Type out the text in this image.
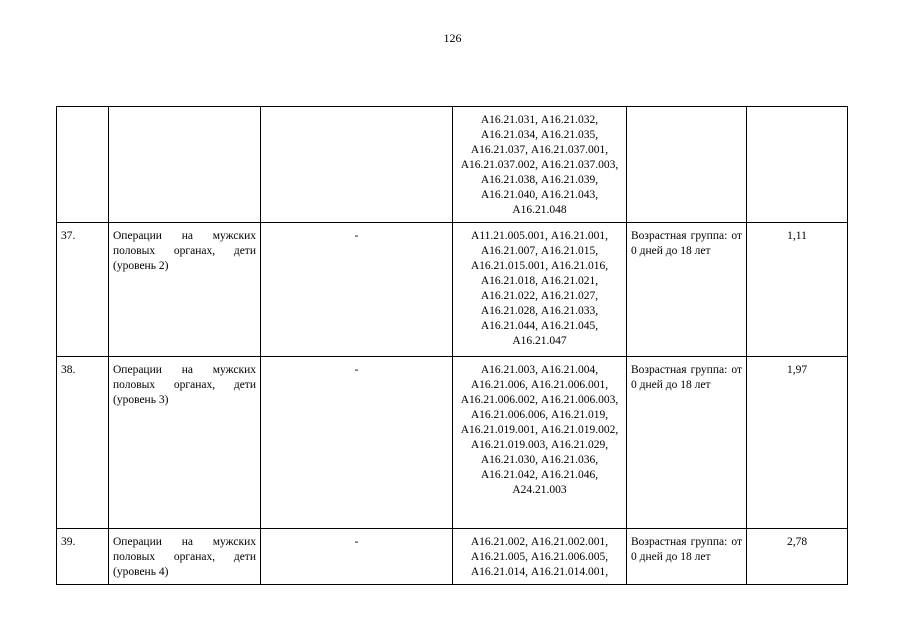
126
			А16.21.031, А16.21.032, А16.21.034, А16.21.035, А16.21.037, А16.21.037.001, А16.21.037.002, А16.21.037.003, А16.21.038, А16.21.039, А16.21.040, А16.21.043, А16.21.048		
37.	Операции на мужских половых органах, дети (уровень 2)	-	А11.21.005.001, А16.21.001, А16.21.007, А16.21.015, А16.21.015.001, А16.21.016, А16.21.018, А16.21.021, А16.21.022, А16.21.027, А16.21.028, А16.21.033, А16.21.044, А16.21.045, А16.21.047	Возрастная группа: от 0 дней до 18 лет	1,11
38.	Операции на мужских половых органах, дети (уровень 3)	-	А16.21.003, А16.21.004, А16.21.006, А16.21.006.001, А16.21.006.002, А16.21.006.003, А16.21.006.006, А16.21.019, А16.21.019.001, А16.21.019.002, А16.21.019.003, А16.21.029, А16.21.030, А16.21.036, А16.21.042, А16.21.046, А24.21.003	Возрастная группа: от 0 дней до 18 лет	1,97
39.	Операции на мужских половых органах, дети (уровень 4)	-	А16.21.002, А16.21.002.001, А16.21.005, А16.21.006.005, А16.21.014, А16.21.014.001,	Возрастная группа: от 0 дней до 18 лет	2,78
